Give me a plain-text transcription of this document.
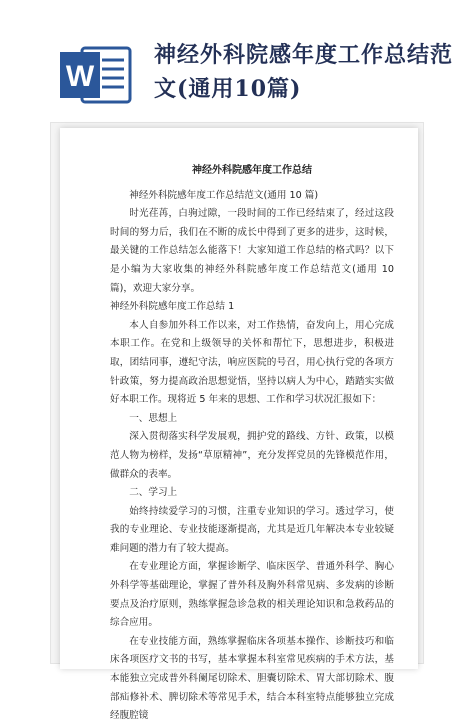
W
神经外科院感年度工作总结范文(通用10篇)

神经外科院感年度工作总结

神经外科院感年度工作总结范文(通用 10 篇)

时光荏苒，白驹过隙，一段时间的工作已经结束了，经过这段时间的努力后，我们在不断的成长中得到了更多的进步，这时候，最关键的工作总结怎么能落下！大家知道工作总结的格式吗？以下是小编为大家收集的神经外科院感年度工作总结范文(通用 10 篇)，欢迎大家分享。

神经外科院感年度工作总结 1

本人自参加外科工作以来，对工作热情，奋发向上，用心完成本职工作。在党和上级领导的关怀和帮忙下，思想进步，积极进取，团结同事，遵纪守法，响应医院的号召，用心执行党的各项方针政策，努力提高政治思想觉悟，坚持以病人为中心，踏踏实实做好本职工作。现将近 5 年来的思想、工作和学习状况汇报如下：

一、思想上

深入贯彻落实科学发展观，拥护党的路线、方针、政策，以模范人物为榜样，发扬“草原精神”，充分发挥党员的先锋模范作用，做群众的表率。

二、学习上

始终持续爱学习的习惯，注重专业知识的学习。透过学习，使我的专业理论、专业技能逐渐提高，尤其是近几年解决本专业较疑难问题的潜力有了较大提高。

在专业理论方面，掌握诊断学、临床医学、普通外科学、胸心外科学等基础理论，掌握了普外科及胸外科常见病、多发病的诊断要点及治疗原则，熟练掌握急诊急救的相关理论知识和急救药品的综合应用。

在专业技能方面，熟练掌握临床各项基本操作、诊断技巧和临床各项医疗文书的书写，基本掌握本科室常见疾病的手术方法，基本能独立完成普外科阑尾切除术、胆囊切除术、胃大部切除术、腹部疝修补术、脾切除术等常见手术，结合本科室特点能够独立完成经腹腔镜
